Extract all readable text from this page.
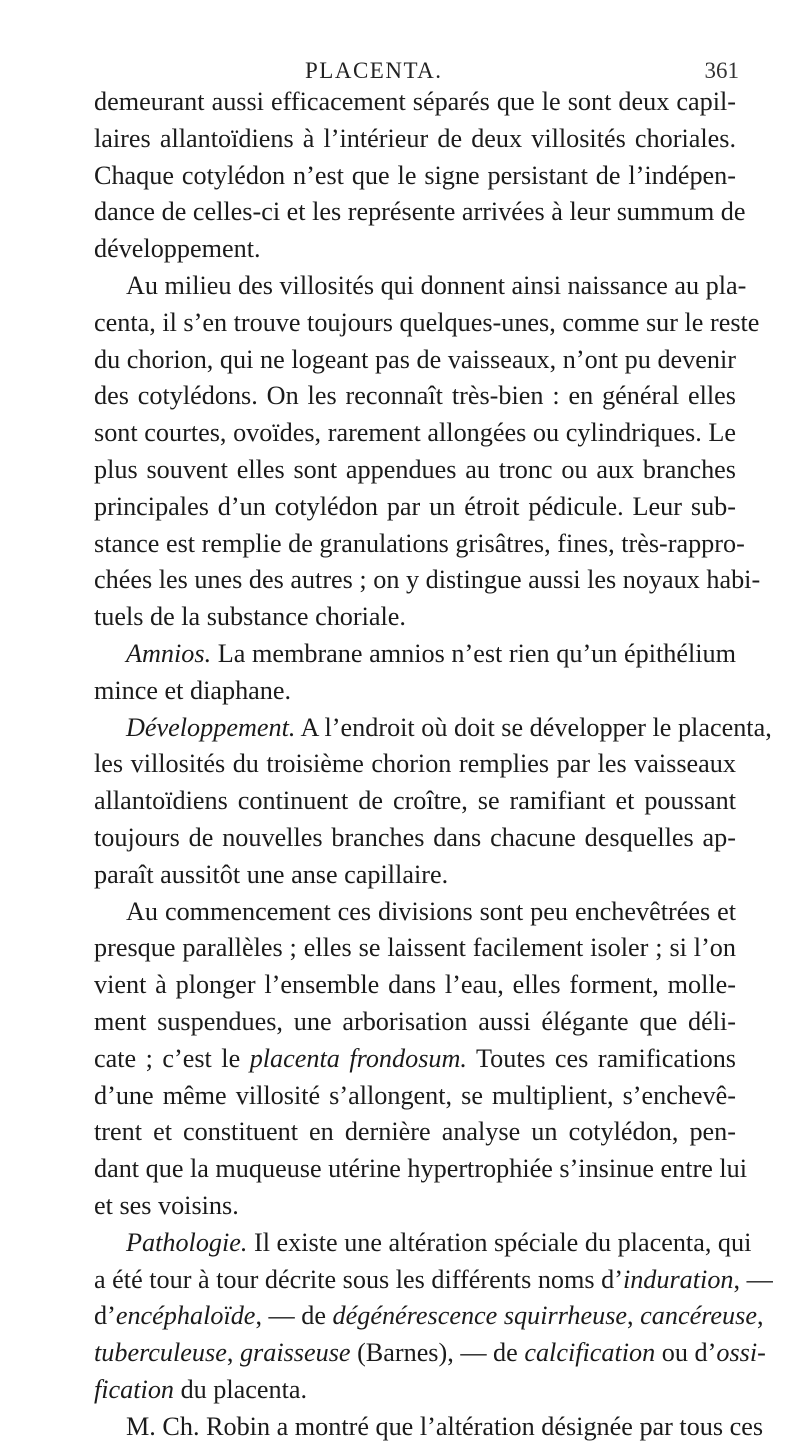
PLACENTA.	361
demeurant aussi efficacement séparés que le sont deux capil-
laires allantoïdiens à l’intérieur de deux villosités choriales.
Chaque cotylédon n’est que le signe persistant de l’indépen-
dance de celles-ci et les représente arrivées à leur summum de
développement.
Au milieu des villosités qui donnent ainsi naissance au pla-
centa, il s’en trouve toujours quelques-unes, comme sur le reste
du chorion, qui ne logeant pas de vaisseaux, n’ont pu devenir
des cotylédons. On les reconnaît très-bien : en général elles
sont courtes, ovoïdes, rarement allongées ou cylindriques. Le
plus souvent elles sont appendues au tronc ou aux branches
principales d’un cotylédon par un étroit pédicule. Leur sub-
stance est remplie de granulations grisâtres, fines, très-rappro-
chées les unes des autres ; on y distingue aussi les noyaux habi-
tuels de la substance choriale.
Amnios. La membrane amnios n’est rien qu’un épithélium
mince et diaphane.
Développement. A l’endroit où doit se développer le placenta,
les villosités du troisième chorion remplies par les vaisseaux
allantoïdiens continuent de croître, se ramifiant et poussant
toujours de nouvelles branches dans chacune desquelles ap-
paraît aussitôt une anse capillaire.
Au commencement ces divisions sont peu enchevêtrées et
presque parallèles ; elles se laissent facilement isoler ; si l’on
vient à plonger l’ensemble dans l’eau, elles forment, molle-
ment suspendues, une arborisation aussi élégante que déli-
cate ; c’est le placenta frondosum. Toutes ces ramifications
d’une même villosité s’allongent, se multiplient, s’enchevê-
trent et constituent en dernière analyse un cotylédon, pen-
dant que la muqueuse utérine hypertrophiée s’insinue entre lui
et ses voisins.
Pathologie. Il existe une altération spéciale du placenta, qui
a été tour à tour décrite sous les différents noms d’induration, —
d’encéphaloïde, — de dégénérescence squirrheuse, cancéreuse,
tuberculeuse, graisseuse (Barnes), — de calcification ou d’ossi-
fication du placenta.
M. Ch. Robin a montré que l’altération désignée par tous ces
